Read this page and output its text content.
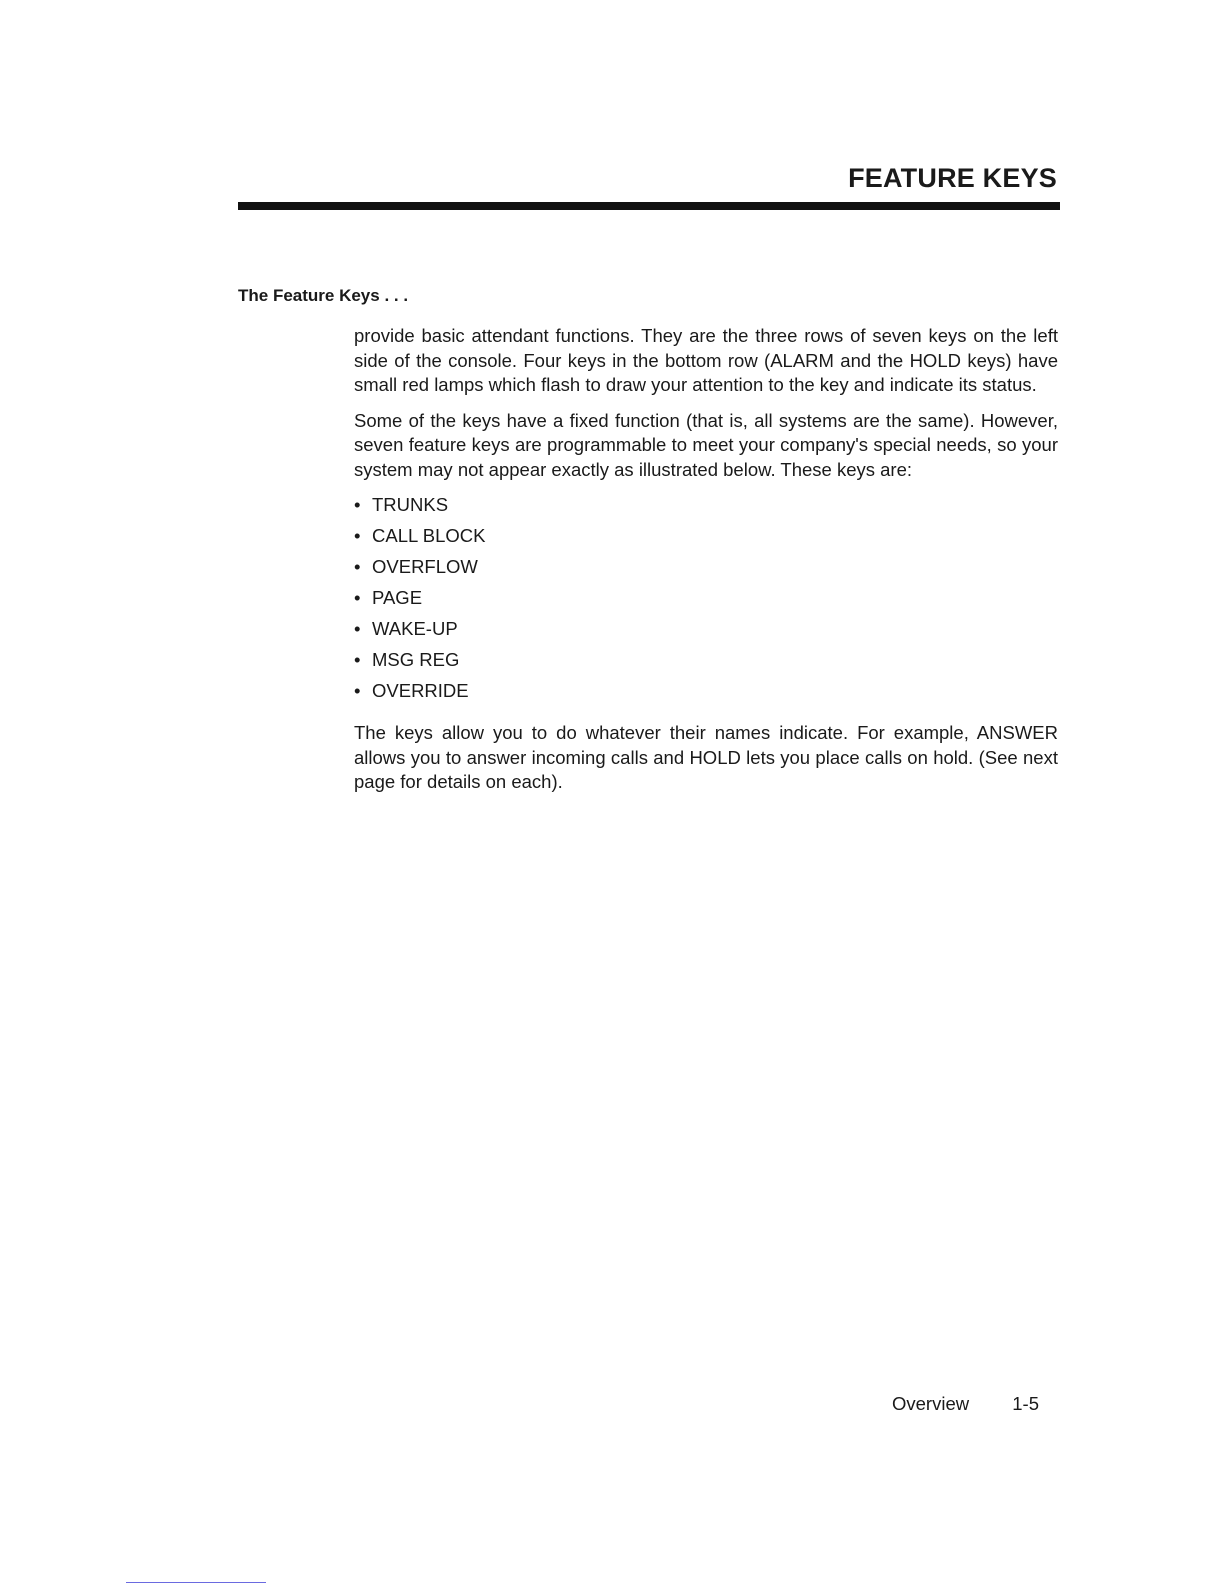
FEATURE KEYS
The Feature Keys . . .

provide basic attendant functions. They are the three rows of seven keys on the left side of the console. Four keys in the bottom row (ALARM and the HOLD keys) have small red lamps which flash to draw your attention to the key and indicate its status.

Some of the keys have a fixed function (that is, all systems are the same). However, seven feature keys are programmable to meet your company's special needs, so your system may not appear exactly as illustrated below. These keys are:

• TRUNKS
• CALL BLOCK
• OVERFLOW
• PAGE
• WAKE-UP
• MSG REG
• OVERRIDE

The keys allow you to do whatever their names indicate. For example, ANSWER allows you to answer incoming calls and HOLD lets you place calls on hold. (See next page for details on each).

Overview 1-5
